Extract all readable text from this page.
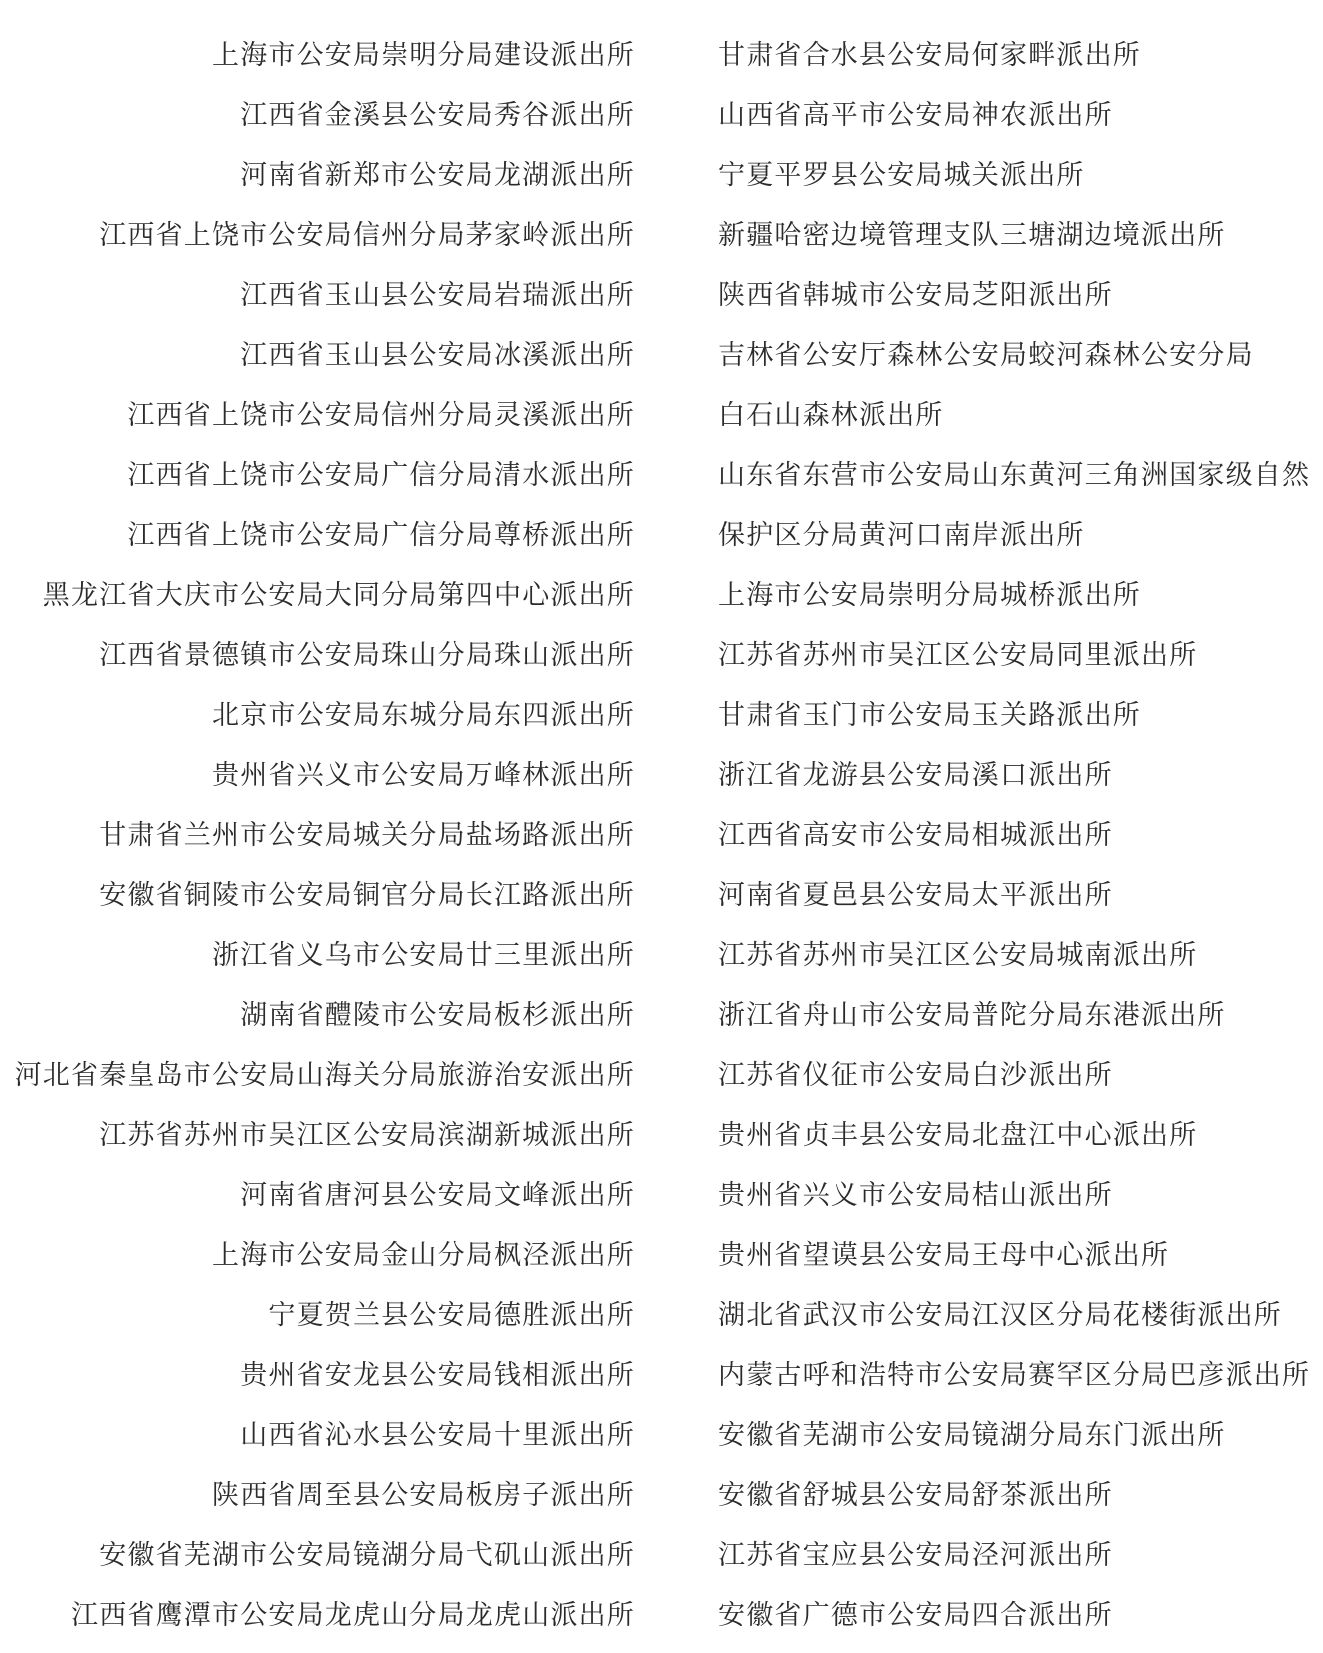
上海市公安局崇明分局建设派出所
江西省金溪县公安局秀谷派出所
河南省新郑市公安局龙湖派出所
江西省上饶市公安局信州分局茅家岭派出所
江西省玉山县公安局岩瑞派出所
江西省玉山县公安局冰溪派出所
江西省上饶市公安局信州分局灵溪派出所
江西省上饶市公安局广信分局清水派出所
江西省上饶市公安局广信分局尊桥派出所
黑龙江省大庆市公安局大同分局第四中心派出所
江西省景德镇市公安局珠山分局珠山派出所
北京市公安局东城分局东四派出所
贵州省兴义市公安局万峰林派出所
甘肃省兰州市公安局城关分局盐场路派出所
安徽省铜陵市公安局铜官分局长江路派出所
浙江省义乌市公安局廿三里派出所
湖南省醴陵市公安局板杉派出所
河北省秦皇岛市公安局山海关分局旅游治安派出所
江苏省苏州市吴江区公安局滨湖新城派出所
河南省唐河县公安局文峰派出所
上海市公安局金山分局枫泾派出所
宁夏贺兰县公安局德胜派出所
贵州省安龙县公安局钱相派出所
山西省沁水县公安局十里派出所
陕西省周至县公安局板房子派出所
安徽省芜湖市公安局镜湖分局弋矶山派出所
江西省鹰潭市公安局龙虎山分局龙虎山派出所
甘肃省合水县公安局何家畔派出所
山西省高平市公安局神农派出所
宁夏平罗县公安局城关派出所
新疆哈密边境管理支队三塘湖边境派出所
陕西省韩城市公安局芝阳派出所
吉林省公安厅森林公安局蛟河森林公安分局
白石山森林派出所
山东省东营市公安局山东黄河三角洲国家级自然
保护区分局黄河口南岸派出所
上海市公安局崇明分局城桥派出所
江苏省苏州市吴江区公安局同里派出所
甘肃省玉门市公安局玉关路派出所
浙江省龙游县公安局溪口派出所
江西省高安市公安局相城派出所
河南省夏邑县公安局太平派出所
江苏省苏州市吴江区公安局城南派出所
浙江省舟山市公安局普陀分局东港派出所
江苏省仪征市公安局白沙派出所
贵州省贞丰县公安局北盘江中心派出所
贵州省兴义市公安局桔山派出所
贵州省望谟县公安局王母中心派出所
湖北省武汉市公安局江汉区分局花楼街派出所
内蒙古呼和浩特市公安局赛罕区分局巴彦派出所
安徽省芜湖市公安局镜湖分局东门派出所
安徽省舒城县公安局舒茶派出所
江苏省宝应县公安局泾河派出所
安徽省广德市公安局四合派出所
